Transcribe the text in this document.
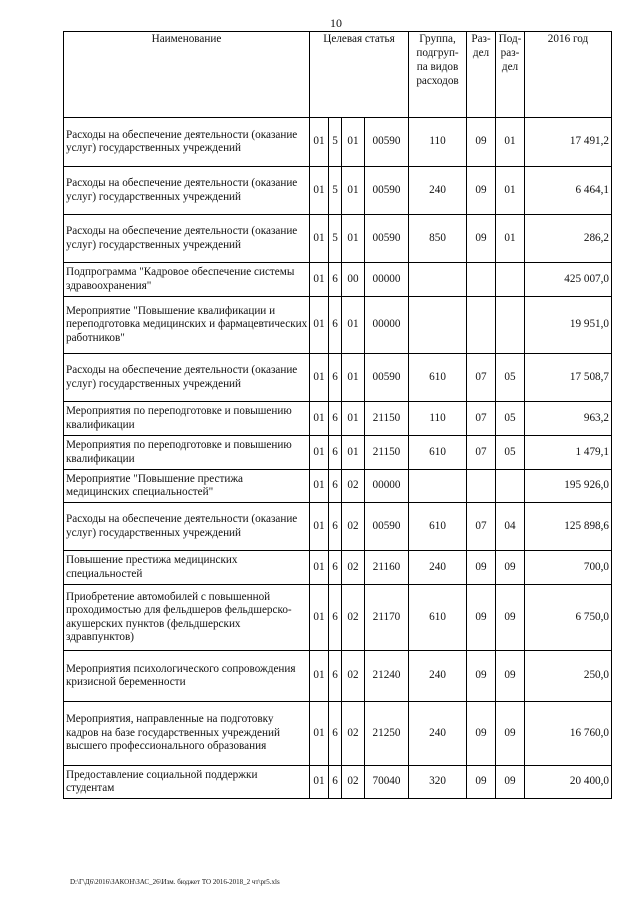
10
Наименование	Целевая статья				Группа, подгруп-па видов расходов	Раз-дел	Под-раз-дел	2016 год
Расходы на обеспечение деятельности (оказание услуг) государственных учреждений	01	5	01	00590	110	09	01	17 491,2
Расходы на обеспечение деятельности (оказание услуг) государственных учреждений	01	5	01	00590	240	09	01	6 464,1
Расходы на обеспечение деятельности (оказание услуг) государственных учреждений	01	5	01	00590	850	09	01	286,2
Подпрограмма "Кадровое обеспечение системы здравоохранения"	01	6	00	00000				425 007,0
Мероприятие "Повышение квалификации и переподготовка медицинских и фармацевтических работников"	01	6	01	00000				19 951,0
Расходы на обеспечение деятельности (оказание услуг) государственных учреждений	01	6	01	00590	610	07	05	17 508,7
Мероприятия по переподготовке и повышению квалификации	01	6	01	21150	110	07	05	963,2
Мероприятия по переподготовке и повышению квалификации	01	6	01	21150	610	07	05	1 479,1
Мероприятие "Повышение престижа медицинских специальностей"	01	6	02	00000				195 926,0
Расходы на обеспечение деятельности (оказание услуг) государственных учреждений	01	6	02	00590	610	07	04	125 898,6
Повышение престижа медицинских специальностей	01	6	02	21160	240	09	09	700,0
Приобретение автомобилей с повышенной проходимостью для фельдшеров фельдшерско-акушерских пунктов (фельдшерских здравпунктов)	01	6	02	21170	610	09	09	6 750,0
Мероприятия психологического сопровождения кризисной беременности	01	6	02	21240	240	09	09	250,0
Мероприятия, направленные на подготовку кадров на базе государственных учреждений высшего профессионального образования	01	6	02	21250	240	09	09	16 760,0
Предоставление социальной поддержки студентам	01	6	02	70040	320	09	09	20 400,0
D:\Г\Д6\2016\ЗАКОН\ЗАС_26\Изм. бюджет ТО 2016-2018_2 чт\pr5.xls
